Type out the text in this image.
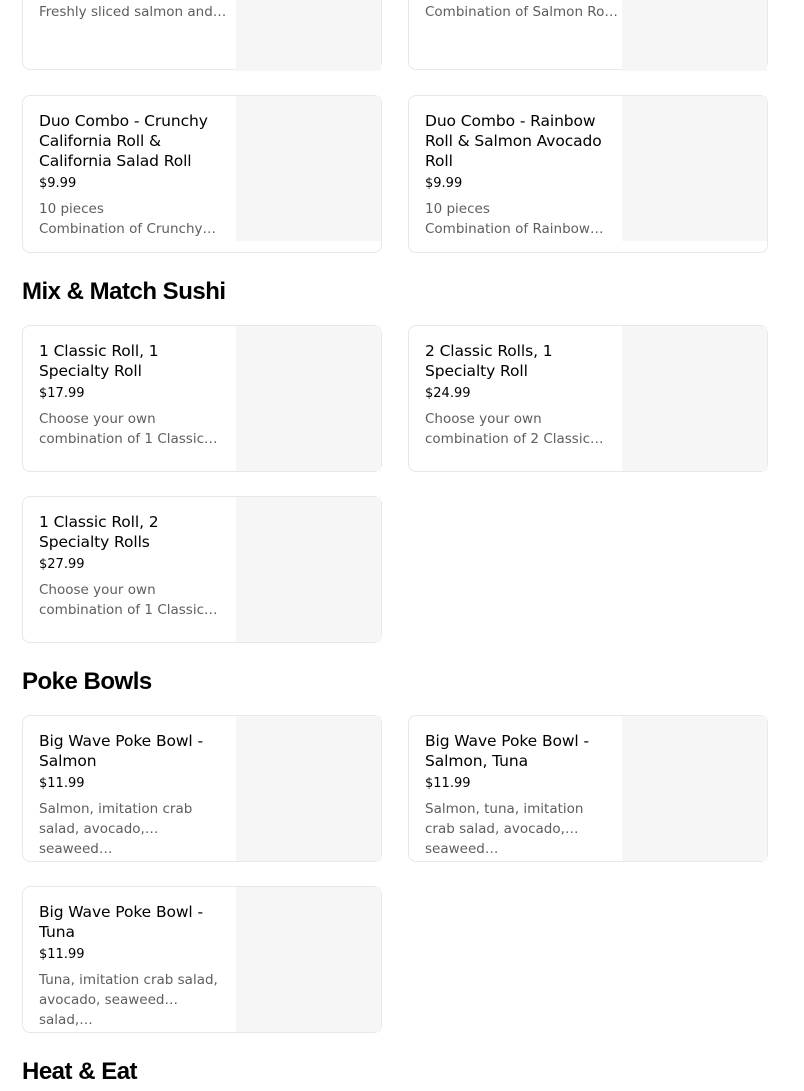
Freshly sliced salmon and…	Combination of Salmon Ro…
Duo Combo - Crunchy California Roll & California Salad Roll
$9.99
10 pieces
Combination of Crunchy…
Duo Combo - Rainbow Roll & Salmon Avocado Roll
$9.99
10 pieces
Combination of Rainbow…
Mix & Match Sushi
1 Classic Roll, 1 Specialty Roll
$17.99
Choose your own combination of 1 Classic…
2 Classic Rolls, 1 Specialty Roll
$24.99
Choose your own combination of 2 Classic…
1 Classic Roll, 2 Specialty Rolls
$27.99
Choose your own combination of 1 Classic…
Poke Bowls
Big Wave Poke Bowl - Salmon
$11.99
Salmon, imitation crab salad, avocado, seaweed…
Big Wave Poke Bowl - Salmon, Tuna
$11.99
Salmon, tuna, imitation crab salad, avocado, seaweed…
Big Wave Poke Bowl - Tuna
$11.99
Tuna, imitation crab salad, avocado, seaweed salad,…
Heat & Eat
